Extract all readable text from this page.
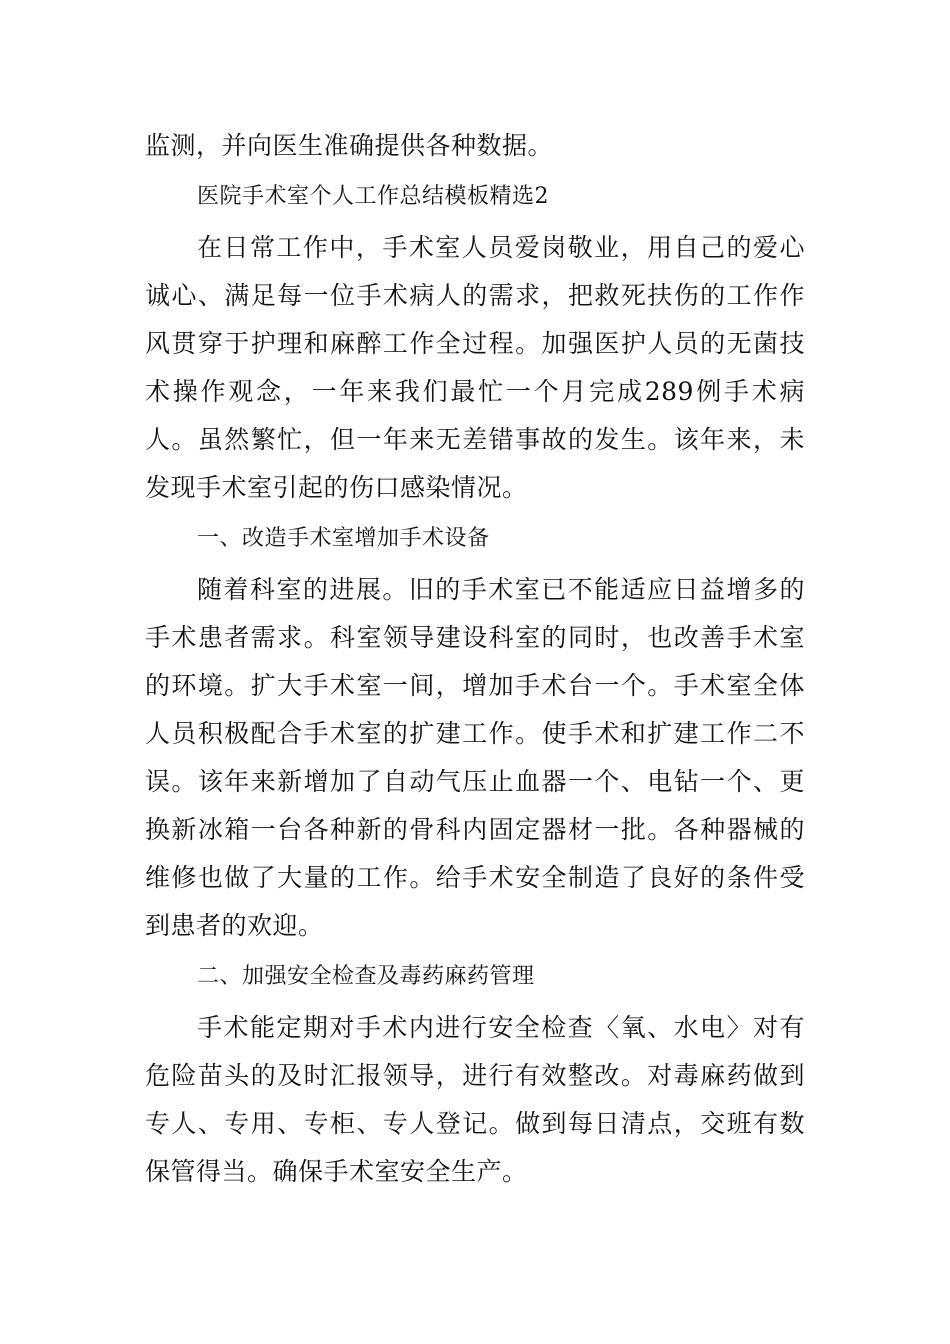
监测，并向医生准确提供各种数据。

医院手术室个人工作总结模板精选2

在日常工作中，手术室人员爱岗敬业，用自己的爱心诚心、满足每一位手术病人的需求，把救死扶伤的工作作风贯穿于护理和麻醉工作全过程。加强医护人员的无菌技术操作观念，一年来我们最忙一个月完成289例手术病人。虽然繁忙，但一年来无差错事故的发生。该年来，未发现手术室引起的伤口感染情况。

一、改造手术室增加手术设备

随着科室的进展。旧的手术室已不能适应日益增多的手术患者需求。科室领导建设科室的同时，也改善手术室的环境。扩大手术室一间，增加手术台一个。手术室全体人员积极配合手术室的扩建工作。使手术和扩建工作二不误。该年来新增加了自动气压止血器一个、电钻一个、更换新冰箱一台各种新的骨科内固定器材一批。各种器械的维修也做了大量的工作。给手术安全制造了良好的条件受到患者的欢迎。

二、加强安全检查及毒药麻药管理

手术能定期对手术内进行安全检查〈氧、水电〉对有危险苗头的及时汇报领导，进行有效整改。对毒麻药做到专人、专用、专柜、专人登记。做到每日清点，交班有数保管得当。确保手术室安全生产。
